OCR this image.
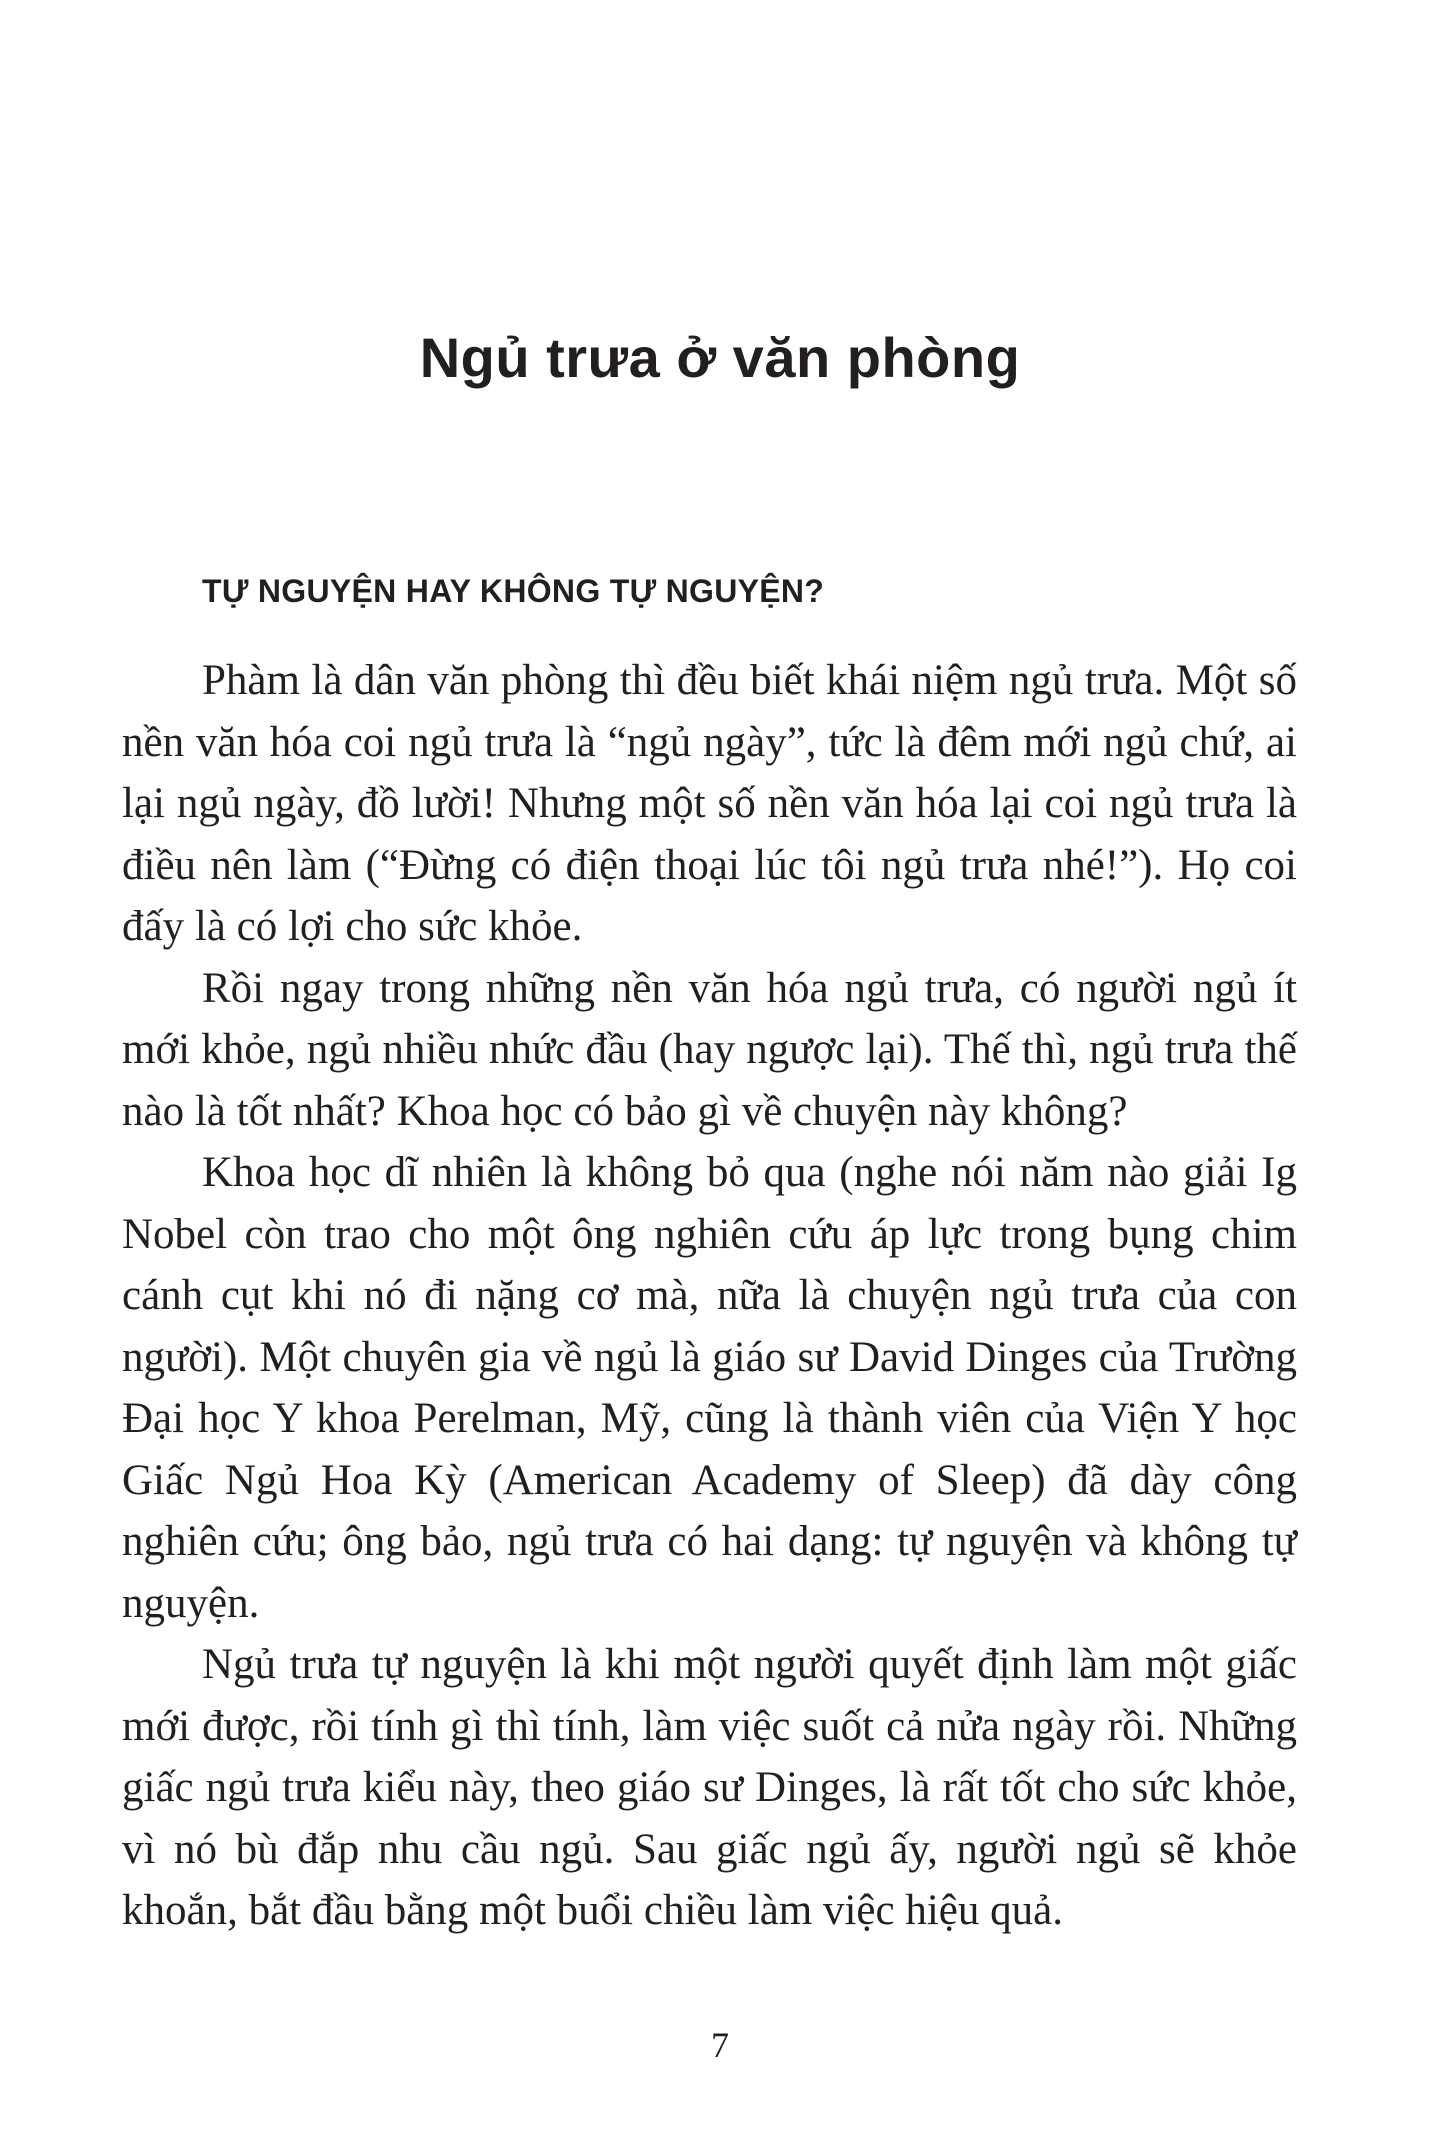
Ngủ trưa ở văn phòng
TỰ NGUYỆN HAY KHÔNG TỰ NGUYỆN?

Phàm là dân văn phòng thì đều biết khái niệm ngủ trưa. Một số nền văn hóa coi ngủ trưa là “ngủ ngày”, tức là đêm mới ngủ chứ, ai lại ngủ ngày, đồ lười! Nhưng một số nền văn hóa lại coi ngủ trưa là điều nên làm (“Đừng có điện thoại lúc tôi ngủ trưa nhé!”). Họ coi đấy là có lợi cho sức khỏe.

Rồi ngay trong những nền văn hóa ngủ trưa, có người ngủ ít mới khỏe, ngủ nhiều nhức đầu (hay ngược lại). Thế thì, ngủ trưa thế nào là tốt nhất? Khoa học có bảo gì về chuyện này không?

Khoa học dĩ nhiên là không bỏ qua (nghe nói năm nào giải Ig Nobel còn trao cho một ông nghiên cứu áp lực trong bụng chim cánh cụt khi nó đi nặng cơ mà, nữa là chuyện ngủ trưa của con người). Một chuyên gia về ngủ là giáo sư David Dinges của Trường Đại học Y khoa Perelman, Mỹ, cũng là thành viên của Viện Y học Giấc Ngủ Hoa Kỳ (American Academy of Sleep) đã dày công nghiên cứu; ông bảo, ngủ trưa có hai dạng: tự nguyện và không tự nguyện.

Ngủ trưa tự nguyện là khi một người quyết định làm một giấc mới được, rồi tính gì thì tính, làm việc suốt cả nửa ngày rồi. Những giấc ngủ trưa kiểu này, theo giáo sư Dinges, là rất tốt cho sức khỏe, vì nó bù đắp nhu cầu ngủ. Sau giấc ngủ ấy, người ngủ sẽ khỏe khoắn, bắt đầu bằng một buổi chiều làm việc hiệu quả.

7
